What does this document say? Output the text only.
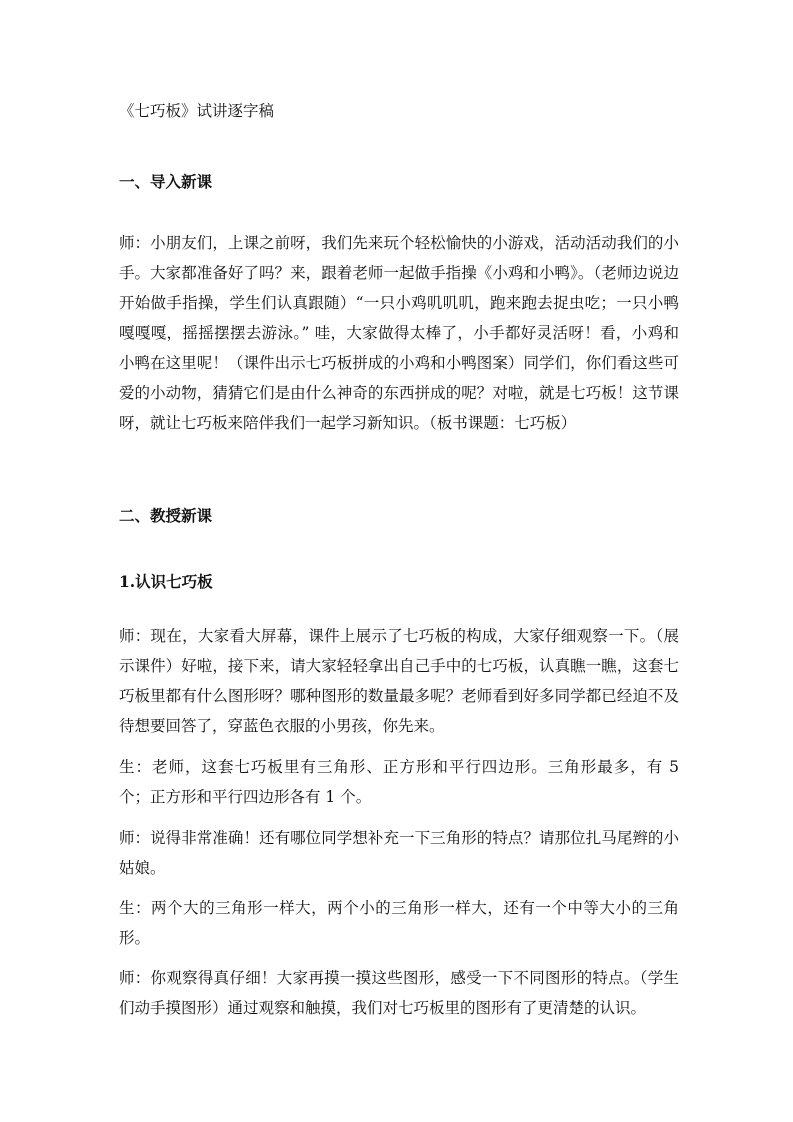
《七巧板》试讲逐字稿

一、导入新课

师：小朋友们，上课之前呀，我们先来玩个轻松愉快的小游戏，活动活动我们的小手。大家都准备好了吗？来，跟着老师一起做手指操《小鸡和小鸭》。（老师边说边开始做手指操，学生们认真跟随）“一只小鸡叽叽叽，跑来跑去捉虫吃；一只小鸭嘎嘎嘎，摇摇摆摆去游泳。” 哇，大家做得太棒了，小手都好灵活呀！看，小鸡和小鸭在这里呢！（课件出示七巧板拼成的小鸡和小鸭图案）同学们，你们看这些可爱的小动物，猜猜它们是由什么神奇的东西拼成的呢？对啦，就是七巧板！这节课呀，就让七巧板来陪伴我们一起学习新知识。（板书课题：七巧板）

二、教授新课

1.认识七巧板

师：现在，大家看大屏幕，课件上展示了七巧板的构成，大家仔细观察一下。（展示课件）好啦，接下来，请大家轻轻拿出自己手中的七巧板，认真瞧一瞧，这套七巧板里都有什么图形呀？哪种图形的数量最多呢？老师看到好多同学都已经迫不及待想要回答了，穿蓝色衣服的小男孩，你先来。

生：老师，这套七巧板里有三角形、正方形和平行四边形。三角形最多，有 5 个；正方形和平行四边形各有 1 个。

师：说得非常准确！还有哪位同学想补充一下三角形的特点？请那位扎马尾辫的小姑娘。

生：两个大的三角形一样大，两个小的三角形一样大，还有一个中等大小的三角形。

师：你观察得真仔细！大家再摸一摸这些图形，感受一下不同图形的特点。（学生们动手摸图形）通过观察和触摸，我们对七巧板里的图形有了更清楚的认识。
